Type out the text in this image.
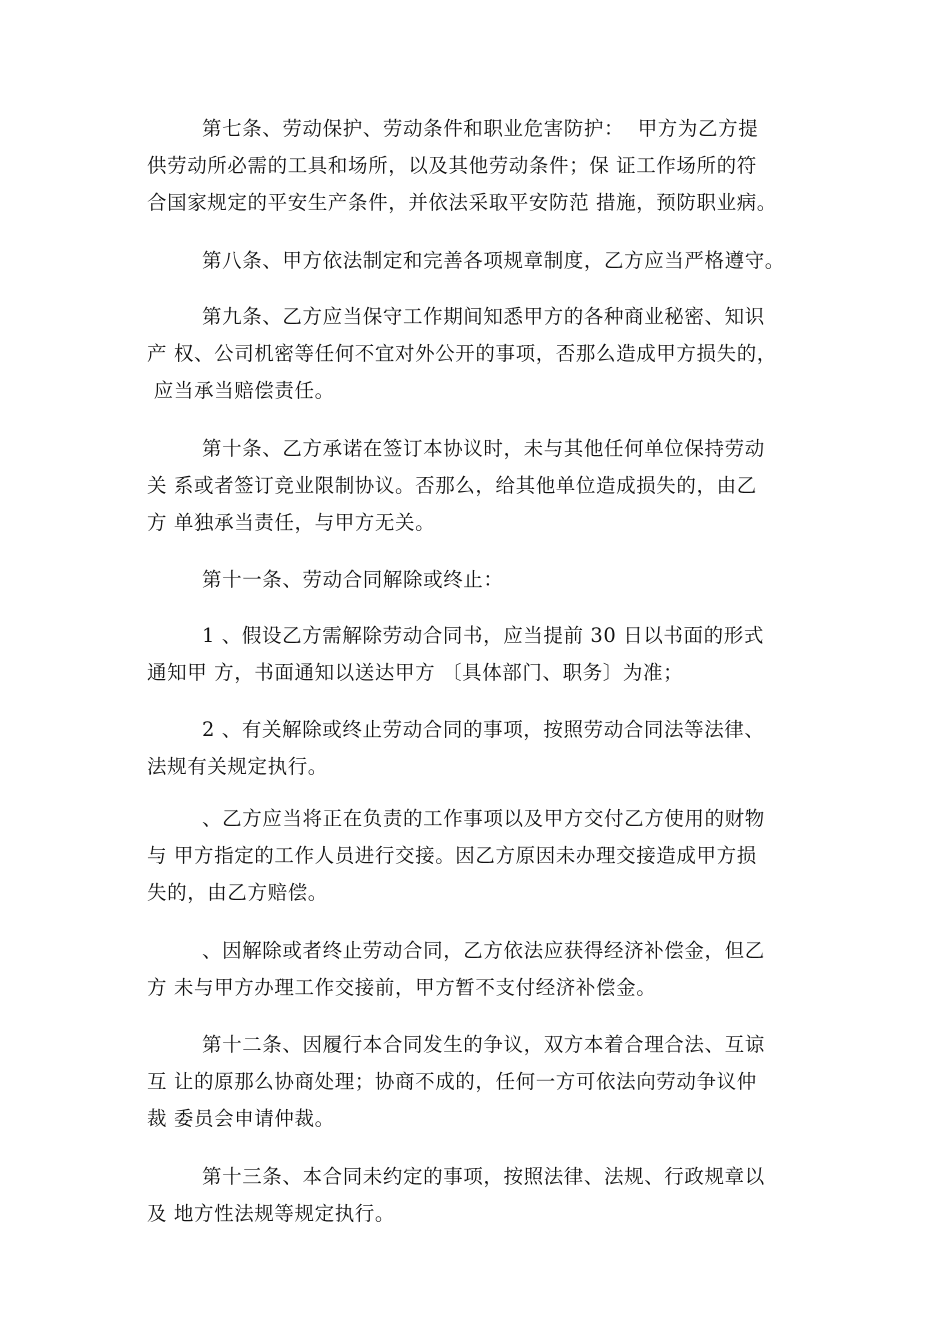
第七条、劳动保护、劳动条件和职业危害防护：  甲方为乙方提
供劳动所必需的工具和场所，以及其他劳动条件；保 证工作场所的符
合国家规定的平安生产条件，并依法采取平安防范 措施，预防职业病。
第八条、甲方依法制定和完善各项规章制度，乙方应当严格遵守。
第九条、乙方应当保守工作期间知悉甲方的各种商业秘密、知识
产 权、公司机密等任何不宜对外公开的事项，否那么造成甲方损失的，
应当承当赔偿责任。
第十条、乙方承诺在签订本协议时，未与其他任何单位保持劳动
关 系或者签订竞业限制协议。否那么，给其他单位造成损失的，由乙
方 单独承当责任，与甲方无关。
第十一条、劳动合同解除或终止：
1 、假设乙方需解除劳动合同书，应当提前 30 日以书面的形式
通知甲 方，书面通知以送达甲方 〔具体部门、职务〕为准；
2 、有关解除或终止劳动合同的事项，按照劳动合同法等法律、
法规有关规定执行。
、乙方应当将正在负责的工作事项以及甲方交付乙方使用的财物
与 甲方指定的工作人员进行交接。因乙方原因未办理交接造成甲方损
失的，由乙方赔偿。
、因解除或者终止劳动合同，乙方依法应获得经济补偿金，但乙
方 未与甲方办理工作交接前，甲方暂不支付经济补偿金。
第十二条、因履行本合同发生的争议，双方本着合理合法、互谅
互 让的原那么协商处理；协商不成的，任何一方可依法向劳动争议仲
裁 委员会申请仲裁。
第十三条、本合同未约定的事项，按照法律、法规、行政规章以
及 地方性法规等规定执行。
